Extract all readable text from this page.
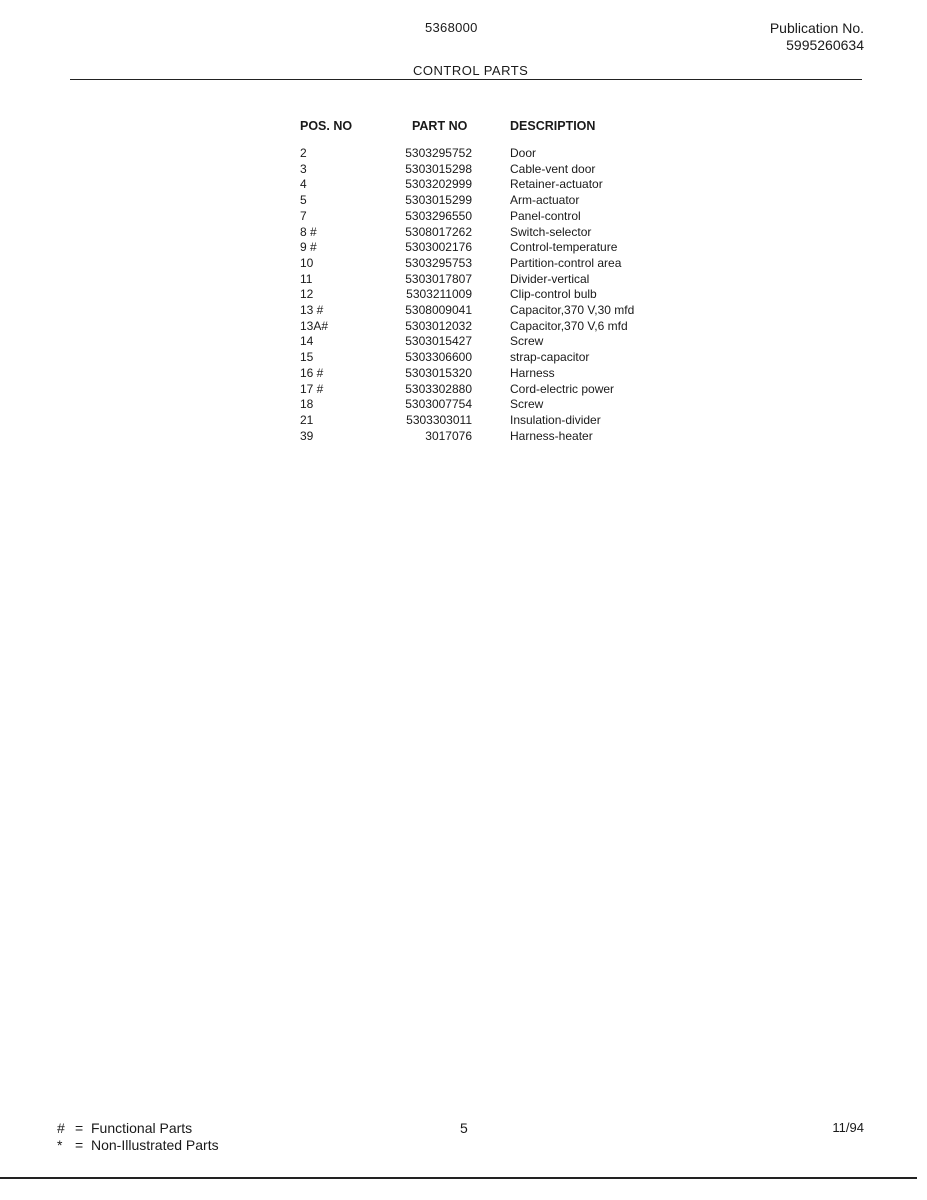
5368000	Publication No.
5995260634
CONTROL PARTS
POS. NO	PART NO	DESCRIPTION
2	5303295752	Door
3	5303015298	Cable-vent door
4	5303202999	Retainer-actuator
5	5303015299	Arm-actuator
7	5303296550	Panel-control
8 #	5308017262	Switch-selector
9 #	5303002176	Control-temperature
10	5303295753	Partition-control area
11	5303017807	Divider-vertical
12	5303211009	Clip-control bulb
13 #	5308009041	Capacitor,370 V,30 mfd
13A#	5303012032	Capacitor,370 V,6 mfd
14	5303015427	Screw
15	5303306600	strap-capacitor
16 #	5303015320	Harness
17 #	5303302880	Cord-electric power
18	5303007754	Screw
21	5303303011	Insulation-divider
39	3017076	Harness-heater
# = Functional Parts
* = Non-Illustrated Parts
5	11/94
